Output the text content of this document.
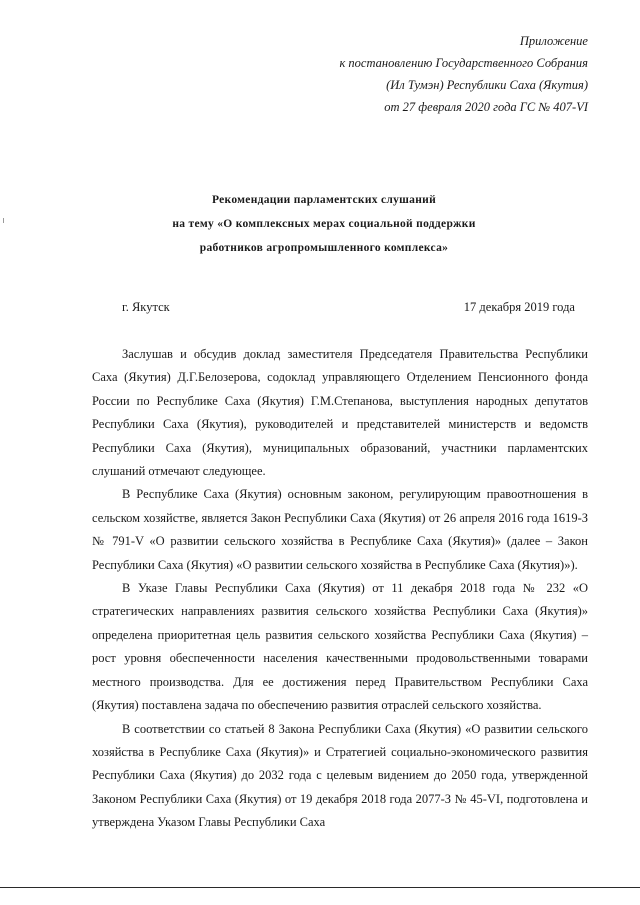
Приложение
к постановлению Государственного Собрания
(Ил Тумэн) Республики Саха (Якутия)
от 27 февраля 2020 года ГС № 407-VI
Рекомендации парламентских слушаний
на тему «О комплексных мерах социальной поддержки
работников агропромышленного комплекса»
г. Якутск	17 декабря 2019 года

Заслушав и обсудив доклад заместителя Председателя Правительства Республики Саха (Якутия) Д.Г.Белозерова, содоклад управляющего Отделением Пенсионного фонда России по Республике Саха (Якутия) Г.М.Степанова, выступления народных депутатов Республики Саха (Якутия), руководителей и представителей министерств и ведомств Республики Саха (Якутия), муниципальных образований, участники парламентских слушаний отмечают следующее.

В Республике Саха (Якутия) основным законом, регулирующим правоотношения в сельском хозяйстве, является Закон Республики Саха (Якутия) от 26 апреля 2016 года 1619-З № 791-V «О развитии сельского хозяйства в Республике Саха (Якутия)» (далее – Закон Республики Саха (Якутия) «О развитии сельского хозяйства в Республике Саха (Якутия)»).

В Указе Главы Республики Саха (Якутия) от 11 декабря 2018 года № 232 «О стратегических направлениях развития сельского хозяйства Республики Саха (Якутия)» определена приоритетная цель развития сельского хозяйства Республики Саха (Якутия) – рост уровня обеспеченности населения качественными продовольственными товарами местного производства. Для ее достижения перед Правительством Республики Саха (Якутия) поставлена задача по обеспечению развития отраслей сельского хозяйства.

В соответствии со статьей 8 Закона Республики Саха (Якутия) «О развитии сельского хозяйства в Республике Саха (Якутия)» и Стратегией социально-экономического развития Республики Саха (Якутия) до 2032 года с целевым видением до 2050 года, утвержденной Законом Республики Саха (Якутия) от 19 декабря 2018 года 2077-З № 45-VI, подготовлена и утверждена Указом Главы Республики Саха
